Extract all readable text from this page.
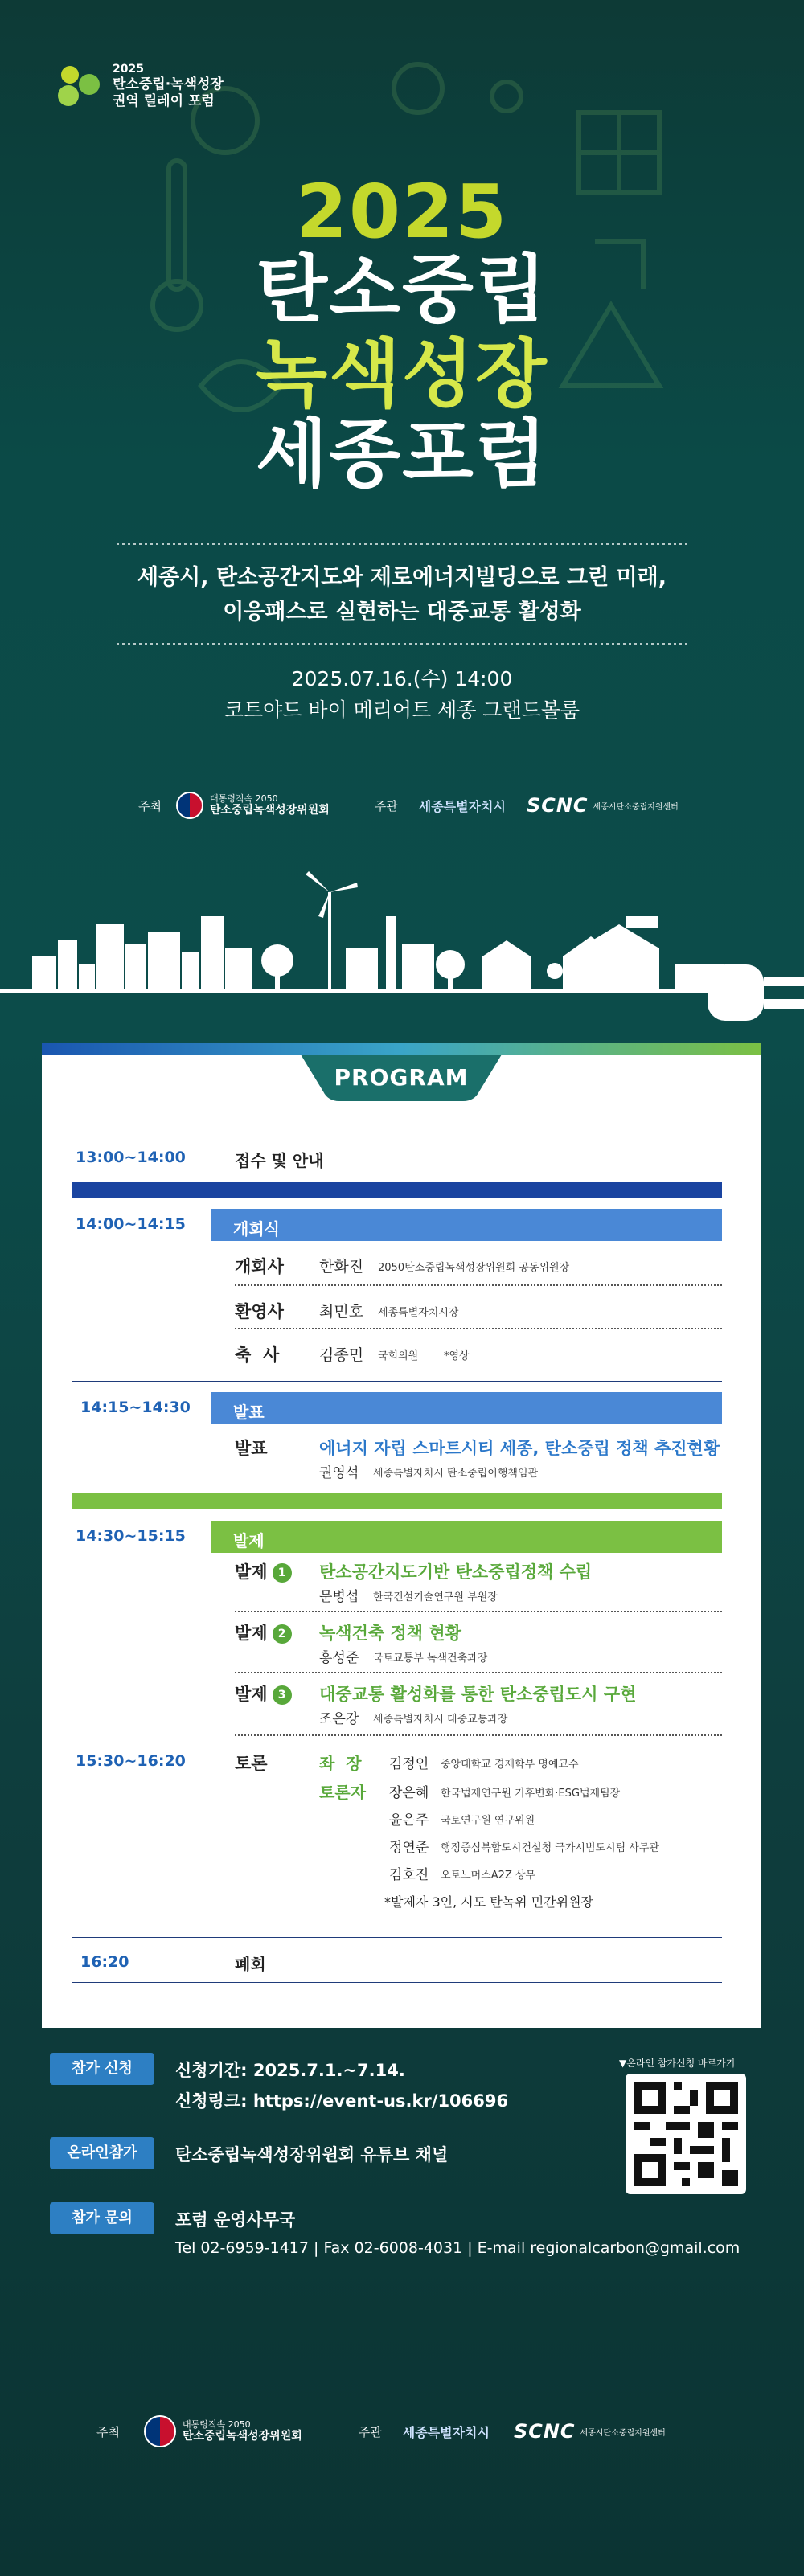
2025
탄소중립·녹색성장
권역 릴레이 포럼
2025
탄소중립
녹색성장
세종포럼
세종시, 탄소공간지도와 제로에너지빌딩으로 그린 미래,
이응패스로 실현하는 대중교통 활성화
2025.07.16.(수) 14:00
코트야드 바이 메리어트 세종 그랜드볼룸
주최	대통령직속 2050
탄소중립녹색성장위원회	주관 세종특별자치시 SCNC 세종시탄소중립지원센터
PROGRAM
13:00~14:00	접수 및 안내
14:00~14:15	개회식
개회사 한화진 2050탄소중립녹색성장위원회 공동위원장
환영사 최민호 세종특별자치시장
축  사	김종민 국회의원 *영상
14:15~14:30	발표
발표	에너지 자립 스마트시티 세종, 탄소중립 정책 추진현황
권영석 세종특별자치시 탄소중립이행책임관
14:30~15:15	발제
발제 1	탄소공간지도기반 탄소중립정책 수립
문병섭 한국건설기술연구원 부원장
발제 2	녹색건축 정책 현황
홍성준 국토교통부 녹색건축과장
발제 3	대중교통 활성화를 통한 탄소중립도시 구현
조은강 세종특별자치시 대중교통과장
15:30~16:20	토론	좌  장 김정인 중앙대학교 경제학부 명예교수
토론자 장은혜 한국법제연구원 기후변화·ESG법제팀장
윤은주 국토연구원 연구위원
정연준 행정중심복합도시건설청 국가시범도시팀 사무관
김호진 오토노머스A2Z 상무
*발제자 3인, 시도 탄녹위 민간위원장
16:20	폐회
참가 신청	신청기간: 2025.7.1.~7.14.
신청링크: https://event-us.kr/106696
온라인참가	탄소중립녹색성장위원회 유튜브 채널
참가 문의	포럼 운영사무국
Tel 02-6959-1417 | Fax 02-6008-4031 | E-mail regionalcarbon@gmail.com
▼온라인 참가신청 바로가기
주최	대통령직속 2050
탄소중립녹색성장위원회	주관 세종특별자치시 SCNC 세종시탄소중립지원센터
